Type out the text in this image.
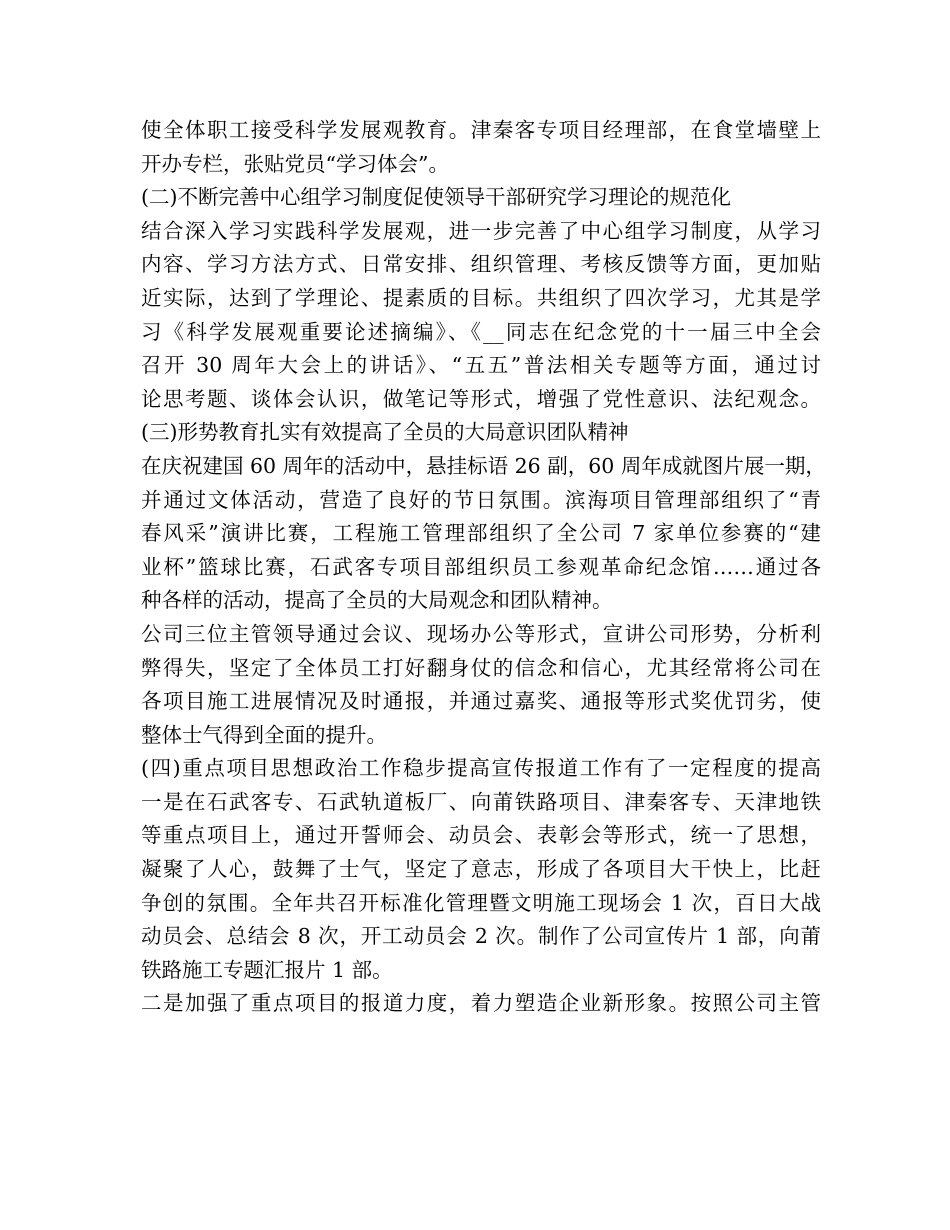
使全体职工接受科学发展观教育。津秦客专项目经理部，在食堂墙壁上

开办专栏，张贴党员“学习体会”。

(二)不断完善中心组学习制度促使领导干部研究学习理论的规范化

结合深入学习实践科学发展观，进一步完善了中心组学习制度，从学习

内容、学习方法方式、日常安排、组织管理、考核反馈等方面，更加贴

近实际，达到了学理论、提素质的目标。共组织了四次学习，尤其是学

习《科学发展观重要论述摘编》、《__同志在纪念党的十一届三中全会

召开 30 周年大会上的讲话》、“五五”普法相关专题等方面，通过讨

论思考题、谈体会认识，做笔记等形式，增强了党性意识、法纪观念。

(三)形势教育扎实有效提高了全员的大局意识团队精神

在庆祝建国 60 周年的活动中，悬挂标语 26 副，60 周年成就图片展一期，

并通过文体活动，营造了良好的节日氛围。滨海项目管理部组织了“青

春风采”演讲比赛，工程施工管理部组织了全公司 7 家单位参赛的“建

业杯”篮球比赛，石武客专项目部组织员工参观革命纪念馆……通过各

种各样的活动，提高了全员的大局观念和团队精神。

公司三位主管领导通过会议、现场办公等形式，宣讲公司形势，分析利

弊得失，坚定了全体员工打好翻身仗的信念和信心，尤其经常将公司在

各项目施工进展情况及时通报，并通过嘉奖、通报等形式奖优罚劣，使

整体士气得到全面的提升。

(四)重点项目思想政治工作稳步提高宣传报道工作有了一定程度的提高

一是在石武客专、石武轨道板厂、向莆铁路项目、津秦客专、天津地铁

等重点项目上，通过开誓师会、动员会、表彰会等形式，统一了思想，

凝聚了人心，鼓舞了士气，坚定了意志，形成了各项目大干快上，比赶

争创的氛围。全年共召开标准化管理暨文明施工现场会 1 次，百日大战

动员会、总结会 8 次，开工动员会 2 次。制作了公司宣传片 1 部，向莆

铁路施工专题汇报片 1 部。

二是加强了重点项目的报道力度，着力塑造企业新形象。按照公司主管
